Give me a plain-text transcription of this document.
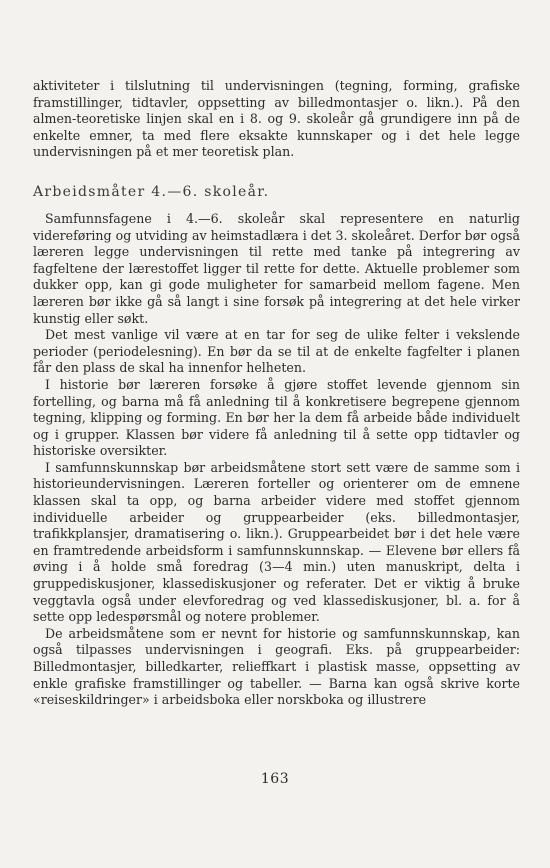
aktiviteter i tilslutning til undervisningen (tegning, forming, grafiske framstillinger, tidtavler, oppsetting av billedmontasjer o. likn.). På den almen-teoretiske linjen skal en i 8. og 9. skoleår gå grundigere inn på de enkelte emner, ta med flere eksakte kunnskaper og i det hele legge undervisningen på et mer teoretisk plan.

Arbeidsmåter 4.—6. skoleår.

Samfunnsfagene i 4.—6. skoleår skal representere en naturlig videreføring og utviding av heimstadlæra i det 3. skoleåret. Derfor bør også læreren legge undervisningen til rette med tanke på integrering av fagfeltene der lærestoffet ligger til rette for dette. Aktuelle problemer som dukker opp, kan gi gode muligheter for samarbeid mellom fagene. Men læreren bør ikke gå så langt i sine forsøk på integrering at det hele virker kunstig eller søkt.

Det mest vanlige vil være at en tar for seg de ulike felter i vekslende perioder (periodelesning). En bør da se til at de enkelte fagfelter i planen får den plass de skal ha innenfor helheten.

I historie bør læreren forsøke å gjøre stoffet levende gjennom sin fortelling, og barna må få anledning til å konkretisere begrepene gjennom tegning, klipping og forming. En bør her la dem få arbeide både individuelt og i grupper. Klassen bør videre få anledning til å sette opp tidtavler og historiske oversikter.

I samfunnskunnskap bør arbeidsmåtene stort sett være de samme som i historieundervisningen. Læreren forteller og orienterer om de emnene klassen skal ta opp, og barna arbeider videre med stoffet gjennom individuelle arbeider og gruppearbeider (eks. billedmontasjer, trafikkplansjer, dramatisering o. likn.). Gruppearbeidet bør i det hele være en framtredende arbeidsform i samfunnskunnskap. — Elevene bør ellers få øving i å holde små foredrag (3—4 min.) uten manuskript, delta i gruppediskusjoner, klassediskusjoner og referater. Det er viktig å bruke veggtavla også under elevforedrag og ved klassediskusjoner, bl. a. for å sette opp ledespørsmål og notere problemer.

De arbeidsmåtene som er nevnt for historie og samfunnskunnskap, kan også tilpasses undervisningen i geografi. Eks. på gruppearbeider: Billedmontasjer, billedkarter, relieffkart i plastisk masse, oppsetting av enkle grafiske framstillinger og tabeller. — Barna kan også skrive korte «reiseskildringer» i arbeidsboka eller norskboka og illustrere

163
